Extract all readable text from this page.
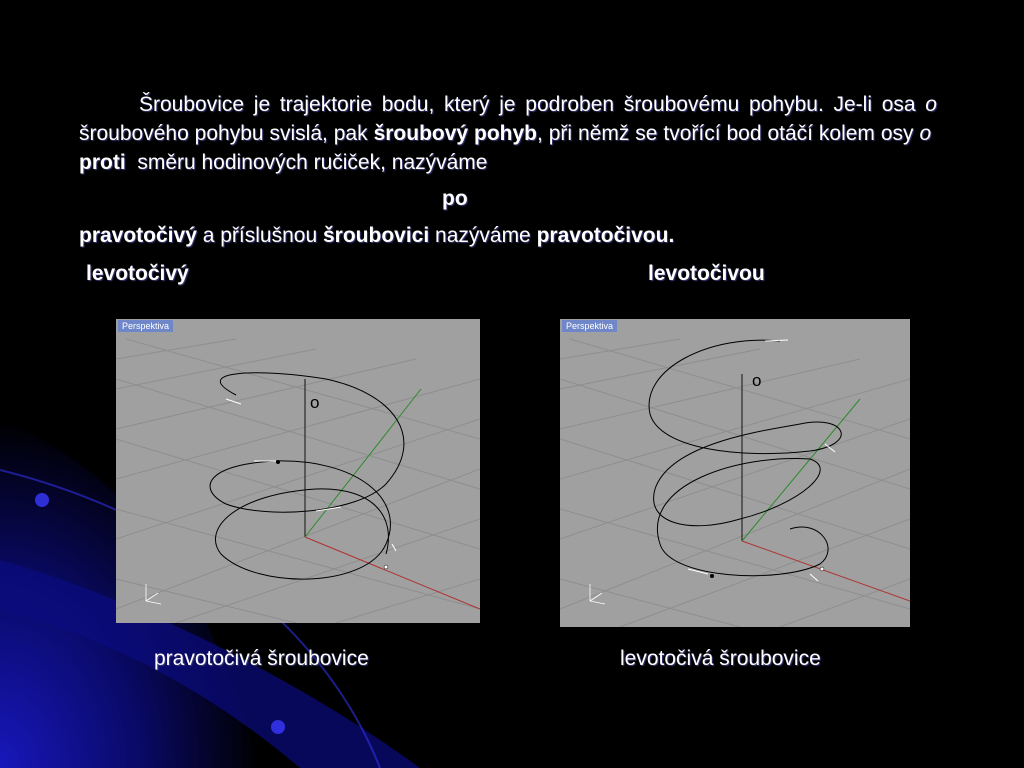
Šroubovice je trajektorie bodu, který je podroben šroubovému pohybu. Je-li osa o šroubového pohybu svislá, pak šroubový pohyb, při němž se tvořící bod otáčí kolem osy o  proti směru hodinových ručiček, nazýváme

po
pravotočivý a příslušnou šroubovici nazýváme pravotočivou.
levotočivý	levotočivou
Perspektiva
o
Perspektiva
o
pravotočivá šroubovice	levotočivá šroubovice
